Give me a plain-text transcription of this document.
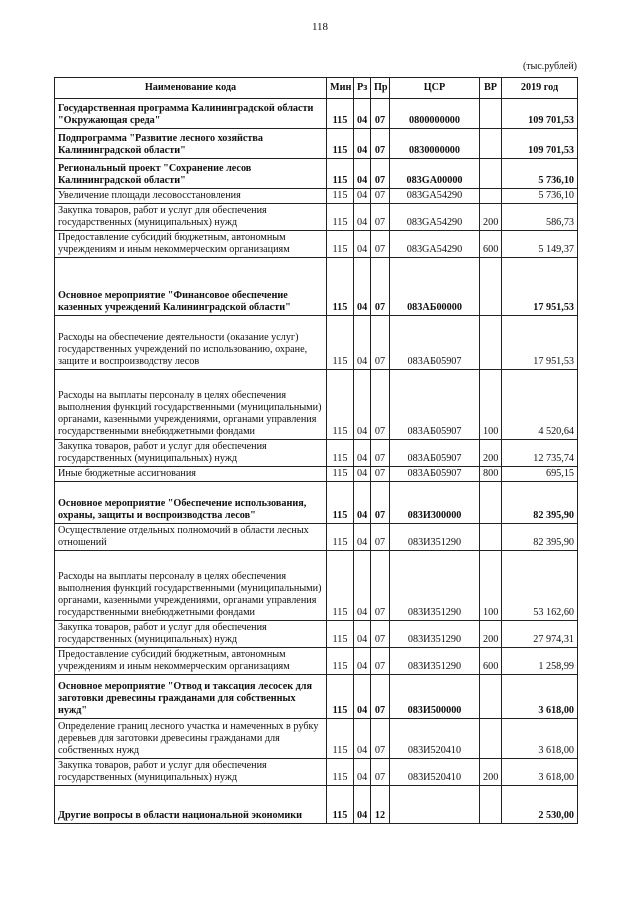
118
(тыс.рублей)
Наименование кода	Мин	Рз	Пр	ЦСР	ВР	2019 год
Государственная программа Калининградской области "Окружающая среда"	115	04	07	0800000000		109 701,53
Подпрограмма "Развитие лесного хозяйства Калининградской области"	115	04	07	0830000000		109 701,53
Региональный проект "Сохранение лесов Калининградской области"	115	04	07	083GA00000		5 736,10
Увеличение площади лесовосстановления	115	04	07	083GA54290		5 736,10
Закупка товаров, работ и услуг для обеспечения государственных (муниципальных) нужд	115	04	07	083GA54290	200	586,73
Предоставление субсидий бюджетным, автономным учреждениям и иным некоммерческим организациям	115	04	07	083GA54290	600	5 149,37
Основное мероприятие "Финансовое обеспечение казенных учреждений Калининградской области"	115	04	07	083АБ00000		17 951,53
Расходы на обеспечение деятельности (оказание услуг) государственных учреждений по использованию, охране, защите и воспроизводству лесов	115	04	07	083АБ05907		17 951,53
Расходы на выплаты персоналу в целях обеспечения выполнения функций государственными (муниципальными) органами, казенными учреждениями, органами управления государственными внебюджетными фондами	115	04	07	083АБ05907	100	4 520,64
Закупка товаров, работ и услуг для обеспечения государственных (муниципальных) нужд	115	04	07	083АБ05907	200	12 735,74
Иные бюджетные ассигнования	115	04	07	083АБ05907	800	695,15
Основное мероприятие "Обеспечение использования, охраны, защиты и воспроизводства лесов"	115	04	07	083И300000		82 395,90
Осуществление отдельных полномочий в области лесных отношений	115	04	07	083И351290		82 395,90
Расходы на выплаты персоналу в целях обеспечения выполнения функций государственными (муниципальными) органами, казенными учреждениями, органами управления государственными внебюджетными фондами	115	04	07	083И351290	100	53 162,60
Закупка товаров, работ и услуг для обеспечения государственных (муниципальных) нужд	115	04	07	083И351290	200	27 974,31
Предоставление субсидий бюджетным, автономным учреждениям и иным некоммерческим организациям	115	04	07	083И351290	600	1 258,99
Основное мероприятие "Отвод и таксация лесосек для заготовки древесины гражданами для собственных нужд"	115	04	07	083И500000		3 618,00
Определение границ лесного участка и намеченных в рубку деревьев для заготовки древесины гражданами для собственных нужд	115	04	07	083И520410		3 618,00
Закупка товаров, работ и услуг для обеспечения государственных (муниципальных) нужд	115	04	07	083И520410	200	3 618,00
Другие вопросы в области национальной экономики	115	04	12			2 530,00
